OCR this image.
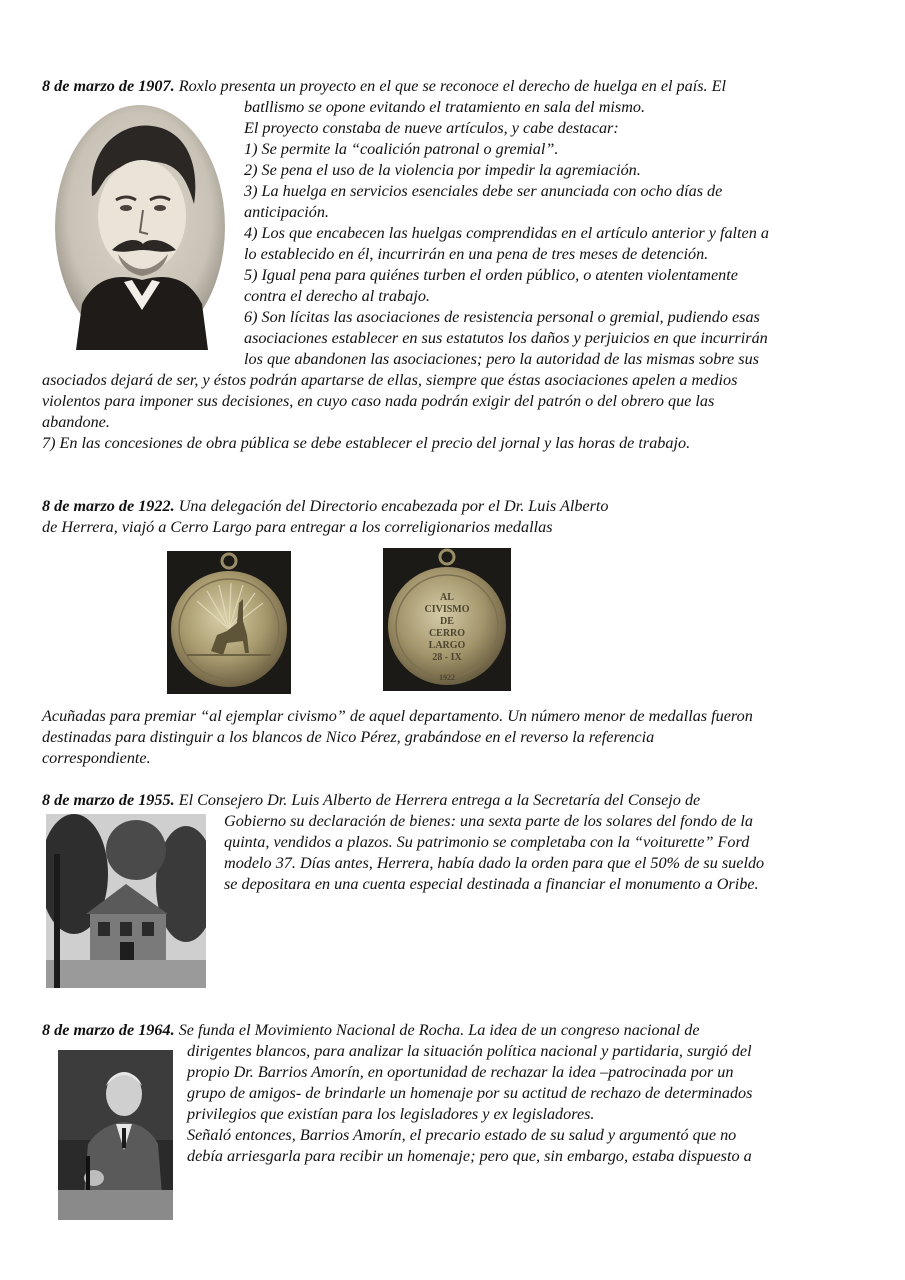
8 de marzo de 1907. Roxlo presenta un proyecto en el que se reconoce el derecho de huelga en el país. El
batllismo se opone evitando el tratamiento en sala del mismo.
El proyecto constaba de nueve artículos, y cabe destacar:
1) Se permite la “coalición patronal o gremial”.
2) Se pena el uso de la violencia por impedir la agremiación.
3) La huelga en servicios esenciales debe ser anunciada con ocho días de
anticipación.
4) Los que encabecen las huelgas comprendidas en el artículo anterior y falten a
lo establecido en él, incurrirán en una pena de tres meses de detención.
5) Igual pena para quiénes turben el orden público, o atenten violentamente
contra el derecho al trabajo.
6) Son lícitas las asociaciones de resistencia personal o gremial, pudiendo esas
asociaciones establecer en sus estatutos los daños y perjuicios en que incurrirán
los que abandonen las asociaciones; pero la autoridad de las mismas sobre sus
asociados dejará de ser, y éstos podrán apartarse de ellas, siempre que éstas asociaciones apelen a medios
violentos para imponer sus decisiones, en cuyo caso nada podrán exigir del patrón o del obrero que las
abandone.
7) En las concesiones de obra pública se debe establecer el precio del jornal y las horas de trabajo.
8 de marzo de 1922. Una delegación del Directorio encabezada por el Dr. Luis Alberto
de Herrera, viajó a Cerro Largo para entregar a los correligionarios medallas
AL
CIVISMO
DE
CERRO
LARGO
28 - IX
1922
Acuñadas para premiar “al ejemplar civismo” de aquel departamento. Un número menor de medallas fueron
destinadas para distinguir a los blancos de Nico Pérez, grabándose en el reverso la referencia
correspondiente.
8 de marzo de 1955. El Consejero Dr. Luis Alberto de Herrera entrega a la Secretaría del Consejo de
Gobierno su declaración de bienes: una sexta parte de los solares del fondo de la
quinta, vendidos a plazos. Su patrimonio se completaba con la “voiturette” Ford
modelo 37. Días antes, Herrera, había dado la orden para que el 50% de su sueldo
se depositara en una cuenta especial destinada a financiar el monumento a Oribe.
8 de marzo de 1964. Se funda el Movimiento Nacional de Rocha. La idea de un congreso nacional de
dirigentes blancos, para analizar la situación política nacional y partidaria, surgió del
propio Dr. Barrios Amorín, en oportunidad de rechazar la idea –patrocinada por un
grupo de amigos- de brindarle un homenaje por su actitud de rechazo de determinados
privilegios que existían para los legisladores y ex legisladores.
Señaló entonces, Barrios Amorín, el precario estado de su salud y argumentó que no
debía arriesgarla para recibir un homenaje; pero que, sin embargo, estaba dispuesto a
